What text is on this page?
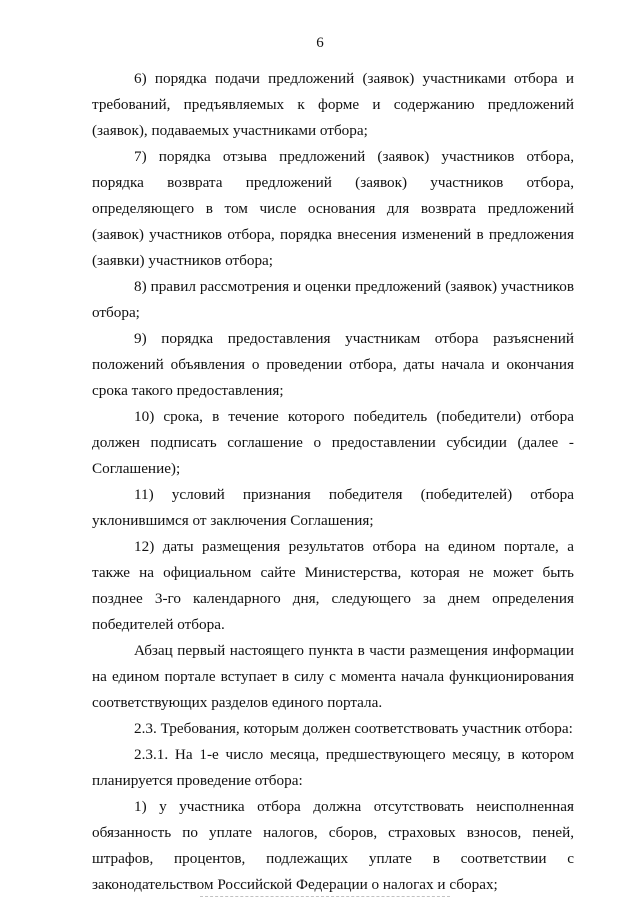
6

6) порядка подачи предложений (заявок) участниками отбора и требований, предъявляемых к форме и содержанию предложений (заявок), подаваемых участниками отбора;

7) порядка отзыва предложений (заявок) участников отбора, порядка возврата предложений (заявок) участников отбора, определяющего в том числе основания для возврата предложений (заявок) участников отбора, порядка внесения изменений в предложения (заявки) участников отбора;

8) правил рассмотрения и оценки предложений (заявок) участников отбора;

9) порядка предоставления участникам отбора разъяснений положений объявления о проведении отбора, даты начала и окончания срока такого предоставления;

10) срока, в течение которого победитель (победители) отбора должен подписать соглашение о предоставлении субсидии (далее - Соглашение);

11) условий признания победителя (победителей) отбора уклонившимся от заключения Соглашения;

12) даты размещения результатов отбора на едином портале, а также на официальном сайте Министерства, которая не может быть позднее 3-го календарного дня, следующего за днем определения победителей отбора.

Абзац первый настоящего пункта в части размещения информации на едином портале вступает в силу с момента начала функционирования соответствующих разделов единого портала.

2.3. Требования, которым должен соответствовать участник отбора:

2.3.1. На 1-е число месяца, предшествующего месяцу, в котором планируется проведение отбора:

1) у участника отбора должна отсутствовать неисполненная обязанность по уплате налогов, сборов, страховых взносов, пеней, штрафов, процентов, подлежащих уплате в соответствии с законодательством Российской Федерации о налогах и сборах;
